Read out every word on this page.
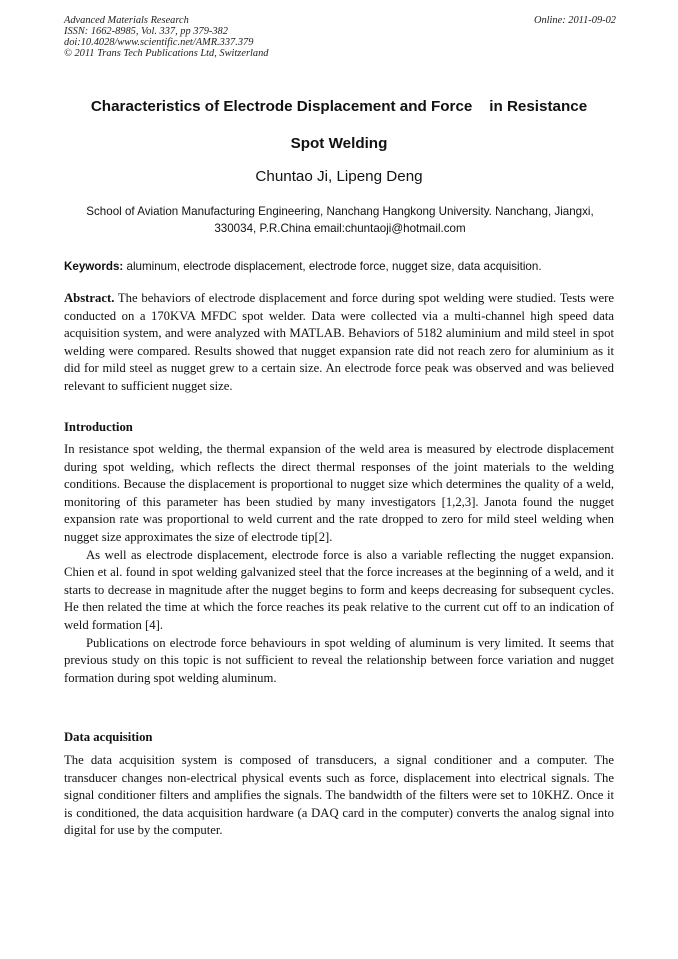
Advanced Materials Research
ISSN: 1662-8985, Vol. 337, pp 379-382
doi:10.4028/www.scientific.net/AMR.337.379
© 2011 Trans Tech Publications Ltd, Switzerland
Online: 2011-09-02
Characteristics of Electrode Displacement and Force    in Resistance
Spot Welding
Chuntao Ji, Lipeng Deng
School of Aviation Manufacturing Engineering, Nanchang Hangkong University. Nanchang, Jiangxi,
330034, P.R.China email:chuntaoji@hotmail.com
Keywords: aluminum, electrode displacement, electrode force, nugget size, data acquisition.
Abstract. The behaviors of electrode displacement and force during spot welding were studied. Tests were conducted on a 170KVA MFDC spot welder. Data were collected via a multi-channel high speed data acquisition system, and were analyzed with MATLAB. Behaviors of 5182 aluminium and mild steel in spot welding were compared. Results showed that nugget expansion rate did not reach zero for aluminium as it did for mild steel as nugget grew to a certain size. An electrode force peak was observed and was believed relevant to sufficient nugget size.
Introduction

In resistance spot welding, the thermal expansion of the weld area is measured by electrode displacement during spot welding, which reflects the direct thermal responses of the joint materials to the welding conditions. Because the displacement is proportional to nugget size which determines the quality of a weld, monitoring of this parameter has been studied by many investigators [1,2,3]. Janota found the nugget expansion rate was proportional to weld current and the rate dropped to zero for mild steel welding when nugget size approximates the size of electrode tip[2].

As well as electrode displacement, electrode force is also a variable reflecting the nugget expansion. Chien et al. found in spot welding galvanized steel that the force increases at the beginning of a weld, and it starts to decrease in magnitude after the nugget begins to form and keeps decreasing for subsequent cycles. He then related the time at which the force reaches its peak relative to the current cut off to an indication of weld formation [4].

Publications on electrode force behaviours in spot welding of aluminum is very limited. It seems that previous study on this topic is not sufficient to reveal the relationship between force variation and nugget formation during spot welding aluminum.

Data acquisition

The data acquisition system is composed of transducers, a signal conditioner and a computer. The transducer changes non-electrical physical events such as force, displacement into electrical signals. The signal conditioner filters and amplifies the signals. The bandwidth of the filters were set to 10KHZ. Once it is conditioned, the data acquisition hardware (a DAQ card in the computer) converts the analog signal into digital for use by the computer.
